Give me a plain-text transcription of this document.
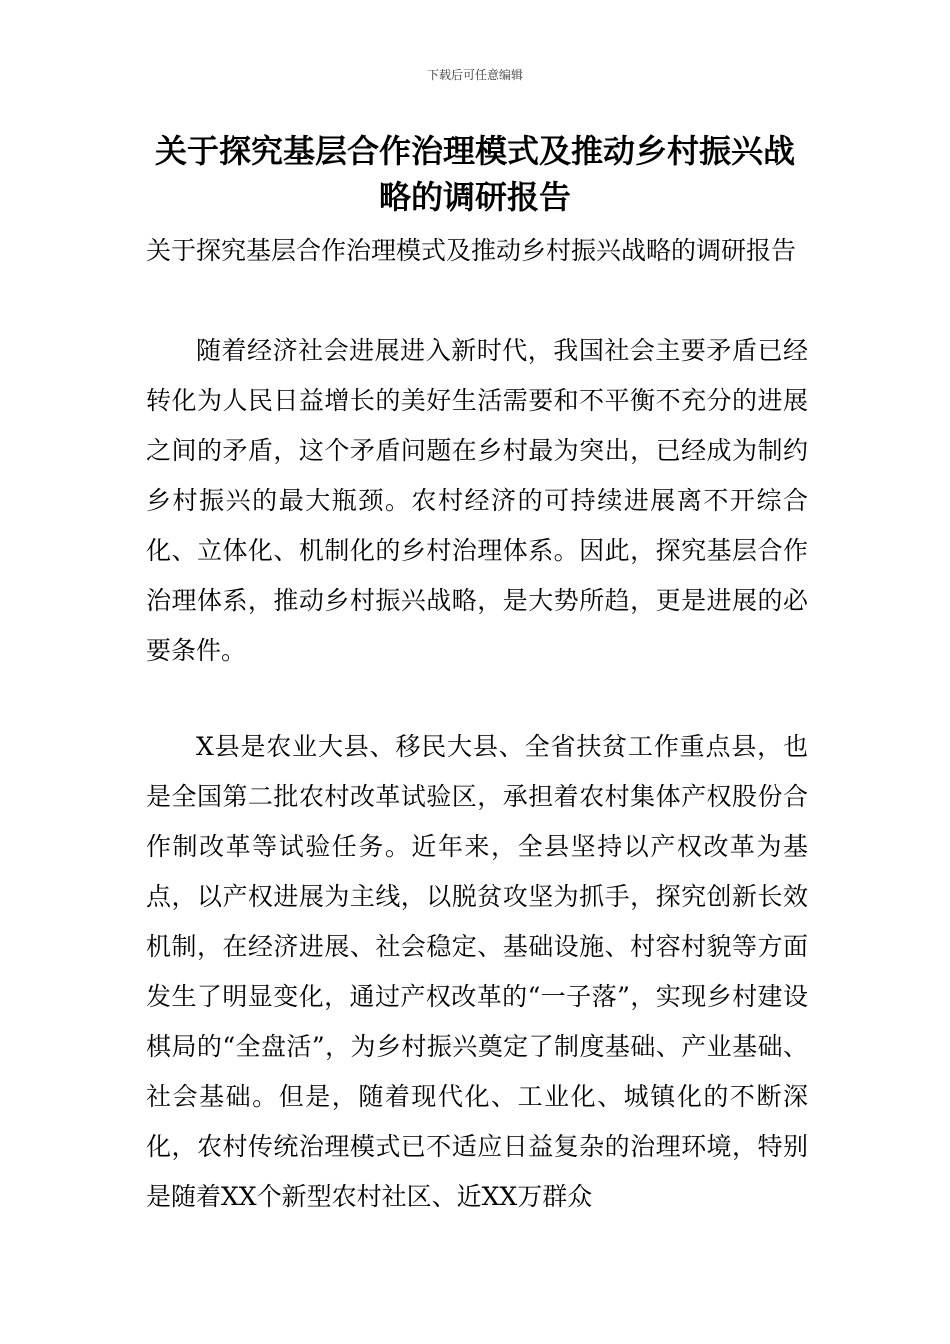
下载后可任意编辑
关于探究基层合作治理模式及推动乡村振兴战略的调研报告

关于探究基层合作治理模式及推动乡村振兴战略的调研报告

随着经济社会进展进入新时代，我国社会主要矛盾已经转化为人民日益增长的美好生活需要和不平衡不充分的进展之间的矛盾，这个矛盾问题在乡村最为突出，已经成为制约乡村振兴的最大瓶颈。农村经济的可持续进展离不开综合化、立体化、机制化的乡村治理体系。因此，探究基层合作治理体系，推动乡村振兴战略，是大势所趋，更是进展的必要条件。

X县是农业大县、移民大县、全省扶贫工作重点县，也是全国第二批农村改革试验区，承担着农村集体产权股份合作制改革等试验任务。近年来，全县坚持以产权改革为基点，以产权进展为主线，以脱贫攻坚为抓手，探究创新长效机制，在经济进展、社会稳定、基础设施、村容村貌等方面发生了明显变化，通过产权改革的“一子落”，实现乡村建设棋局的“全盘活”，为乡村振兴奠定了制度基础、产业基础、社会基础。但是，随着现代化、工业化、城镇化的不断深化，农村传统治理模式已不适应日益复杂的治理环境，特别是随着XX个新型农村社区、近XX万群众
